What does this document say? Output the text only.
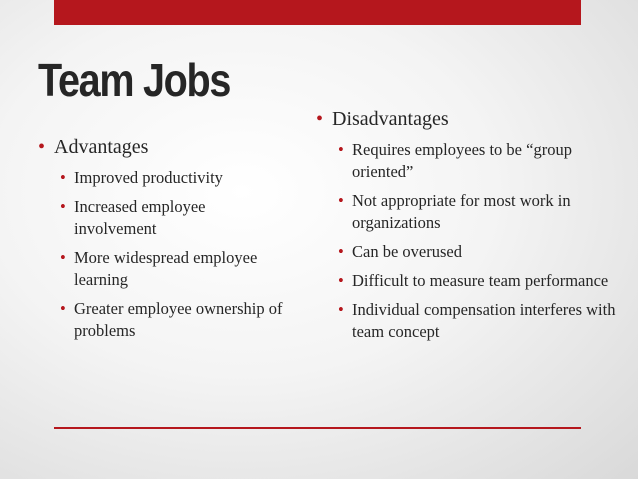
Team Jobs
• Advantages
• Improved productivity
• Increased employee involvement
• More widespread employee learning
• Greater employee ownership of problems
• Disadvantages
• Requires employees to be “group oriented”
• Not appropriate for most work in organizations
• Can be overused
• Difficult to measure team performance
• Individual compensation interferes with team concept
